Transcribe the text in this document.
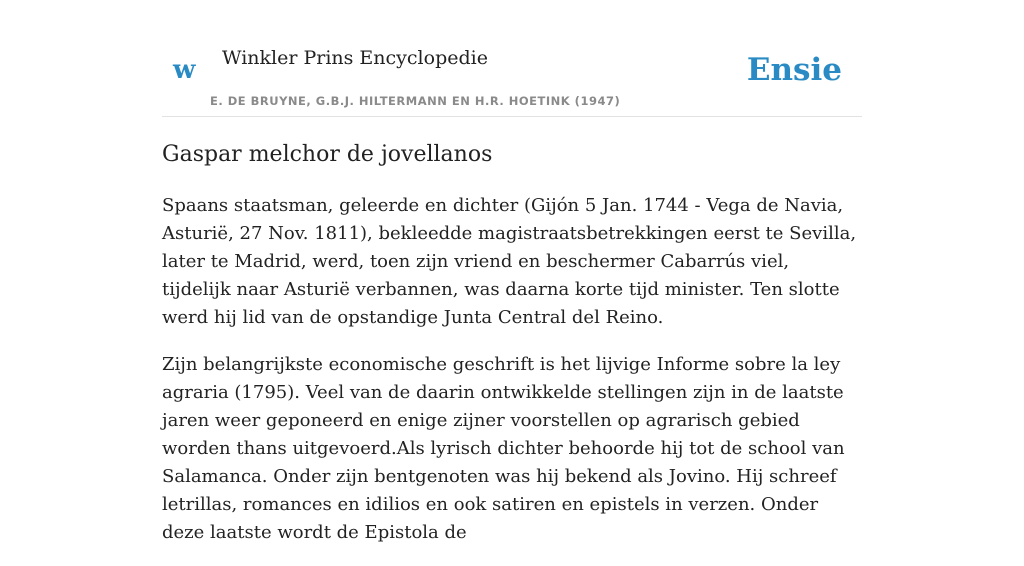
w Winkler Prins Encyclopedie
E. DE BRUYNE, G.B.J. HILTERMANN EN H.R. HOETINK (1947)
Ensie
Gaspar melchor de jovellanos

Spaans staatsman, geleerde en dichter (Gijón 5 Jan. 1744 - Vega de Navia, Asturië, 27 Nov. 1811), bekleedde magistraatsbetrekkingen eerst te Sevilla, later te Madrid, werd, toen zijn vriend en beschermer Cabarrús viel, tijdelijk naar Asturië verbannen, was daarna korte tijd minister. Ten slotte werd hij lid van de opstandige Junta Central del Reino.

Zijn belangrijkste economische geschrift is het lijvige Informe sobre la ley agraria (1795). Veel van de daarin ontwikkelde stellingen zijn in de laatste jaren weer geponeerd en enige zijner voorstellen op agrarisch gebied worden thans uitgevoerd.Als lyrisch dichter behoorde hij tot de school van Salamanca. Onder zijn bentgenoten was hij bekend als Jovino. Hij schreef letrillas, romances en idilios en ook satiren en epistels in verzen. Onder deze laatste wordt de Epistola de
